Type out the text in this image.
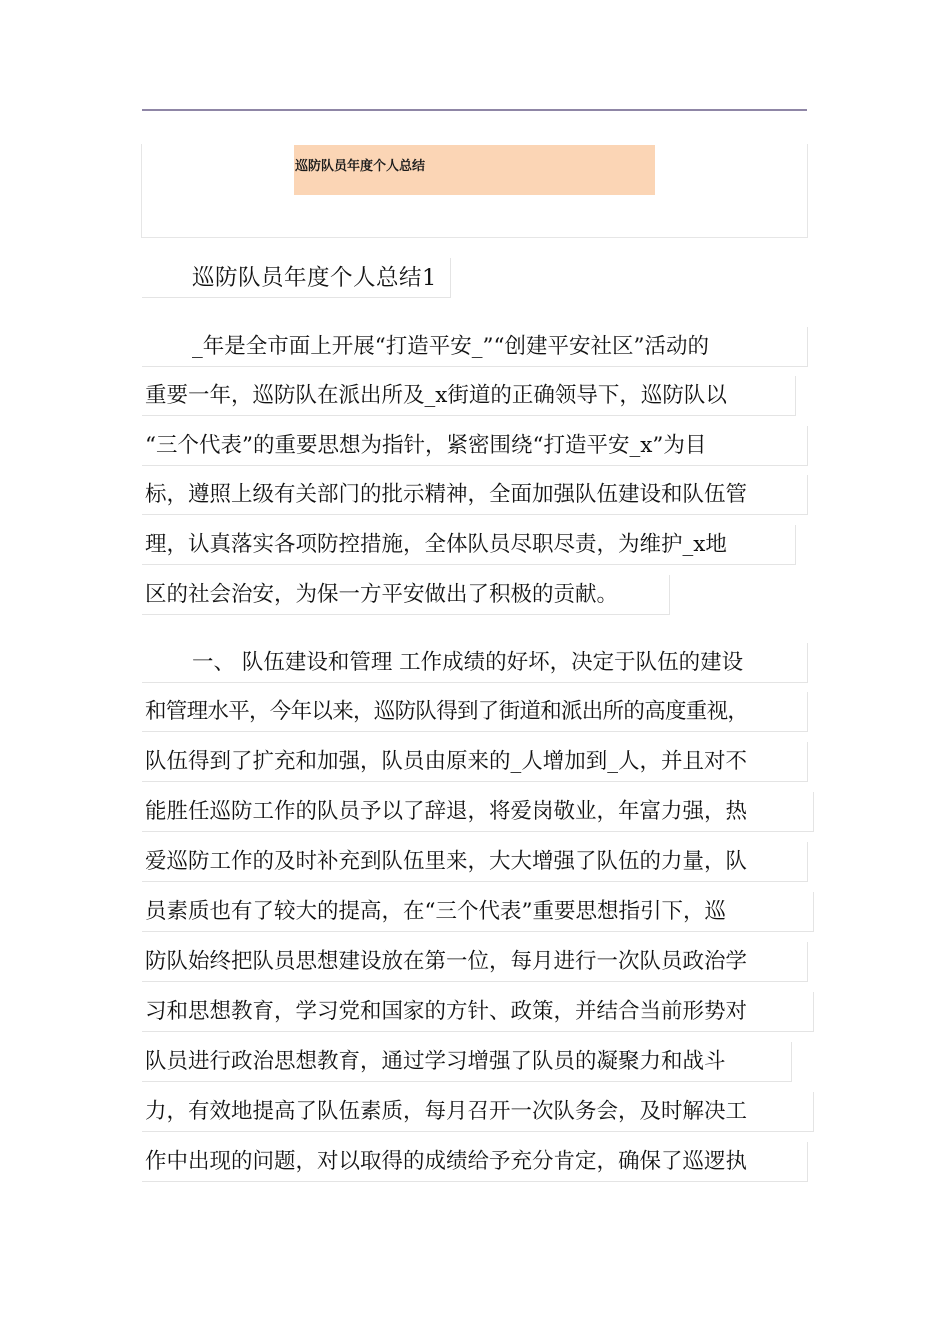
巡防队员年度个人总结
巡防队员年度个人总结1
_年是全市面上开展“打造平安_”“创建平安社区”活动的
重要一年，巡防队在派出所及_x街道的正确领导下，巡防队以
“三个代表”的重要思想为指针，紧密围绕“打造平安_x”为目
标，遵照上级有关部门的批示精神，全面加强队伍建设和队伍管
理，认真落实各项防控措施，全体队员尽职尽责，为维护_x地
区的社会治安，为保一方平安做出了积极的贡献。
一、 队伍建设和管理 工作成绩的好坏，决定于队伍的建设
和管理水平，今年以来，巡防队得到了街道和派出所的高度重视，
队伍得到了扩充和加强，队员由原来的_人增加到_人，并且对不
能胜任巡防工作的队员予以了辞退，将爱岗敬业，年富力强，热
爱巡防工作的及时补充到队伍里来，大大增强了队伍的力量，队
员素质也有了较大的提高，在“三个代表”重要思想指引下，巡
防队始终把队员思想建设放在第一位，每月进行一次队员政治学
习和思想教育，学习党和国家的方针、政策，并结合当前形势对
队员进行政治思想教育，通过学习增强了队员的凝聚力和战斗
力，有效地提高了队伍素质，每月召开一次队务会，及时解决工
作中出现的问题，对以取得的成绩给予充分肯定，确保了巡逻执
